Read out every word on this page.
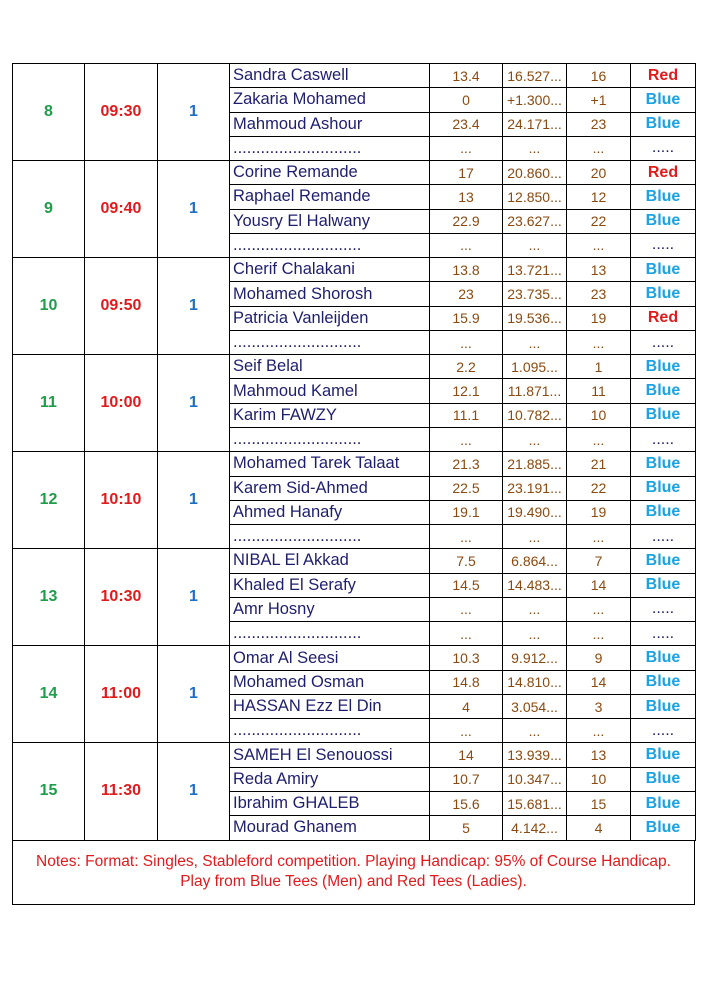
8	09:30	1	Sandra Caswell	13.4	16.527...	16	Red
			Zakaria Mohamed	0	+1.300...	+1	Blue
			Mahmoud Ashour	23.4	24.171...	23	Blue
			............................	...	...	...	.....
9	09:40	1	Corine Remande	17	20.860...	20	Red
			Raphael Remande	13	12.850...	12	Blue
			Yousry El Halwany	22.9	23.627...	22	Blue
			............................	...	...	...	.....
10	09:50	1	Cherif Chalakani	13.8	13.721...	13	Blue
			Mohamed Shorosh	23	23.735...	23	Blue
			Patricia Vanleijden	15.9	19.536...	19	Red
			............................	...	...	...	.....
11	10:00	1	Seif Belal	2.2	1.095...	1	Blue
			Mahmoud Kamel	12.1	11.871...	11	Blue
			Karim FAWZY	11.1	10.782...	10	Blue
			............................	...	...	...	.....
12	10:10	1	Mohamed Tarek Talaat	21.3	21.885...	21	Blue
			Karem Sid-Ahmed	22.5	23.191...	22	Blue
			Ahmed Hanafy	19.1	19.490...	19	Blue
			............................	...	...	...	.....
13	10:30	1	NIBAL El Akkad	7.5	6.864...	7	Blue
			Khaled El Serafy	14.5	14.483...	14	Blue
			Amr Hosny	...	...	...	.....
			............................	...	...	...	.....
14	11:00	1	Omar Al Seesi	10.3	9.912...	9	Blue
			Mohamed Osman	14.8	14.810...	14	Blue
			HASSAN Ezz El Din	4	3.054...	3	Blue
			............................	...	...	...	.....
15	11:30	1	SAMEH El Senouossi	14	13.939...	13	Blue
			Reda Amiry	10.7	10.347...	10	Blue
			Ibrahim GHALEB	15.6	15.681...	15	Blue
			Mourad Ghanem	5	4.142...	4	Blue
Notes: Format: Singles, Stableford competition. Playing Handicap: 95% of Course Handicap. Play from Blue Tees (Men) and Red Tees (Ladies).
